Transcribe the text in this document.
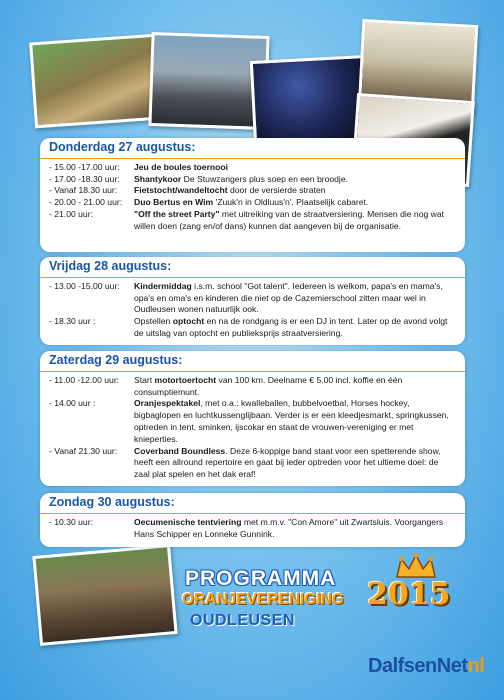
Donderdag 27 augustus:
- 15.00 -17.00 uur:	Jeu de boules toernooi
- 17.00 -18.30 uur:	Shantykoor De Stuwzangers plus soep en een broodje.
- Vanaf 18.30 uur:	Fietstocht/wandeltocht door de versierde straten
- 20.00 - 21.00 uur:	Duo Bertus en Wim 'Zuuk'n in Oldluus'n'. Plaatselijk cabaret.
- 21.00 uur:	"Off the street Party" met uitreiking van de straatversiering. Mensen die nog wat willen doen (zang en/of dans) kunnen dat aangeven bij de organisatie.
Vrijdag 28 augustus:
- 13.00 -15.00 uur:	Kindermiddag i.s.m. school "Got talent". Iedereen is welkom, papa's en mama's, opa's en oma's en kinderen die niet op de Cazemierschool zitten maar wel in Oudleusen wonen natuurlijk ook.
- 18.30 uur :	Opstellen optocht en na de rondgang is er een DJ in tent. Later op de avond volgt de uitslag van optocht en publieksprijs straatversiering.
Zaterdag 29 augustus:
- 11.00 -12.00 uur:	Start motortoertocht van 100 km. Deelname € 5.00 incl. koffie en één consumptiemunt.
- 14.00 uur :	Oranjespektakel, met o.a.: kwalleballen, bubbelvoetbal, Horses hockey, bigbaglopen en luchtkussenglijbaan. Verder is er een kleedjesmarkt, springkussen, optreden in tent, sminken, ijscokar en staat de vrouwen-vereniging er met knieperties.
- Vanaf 21.30 uur:	Coverband Boundless. Deze 6-koppige band staat voor een spetterende show, heeft een allround repertoire en gaat bij ieder optreden voor het ultieme doel: de zaal plat spelen en het dak eraf!
Zondag 30 augustus:
- 10.30 uur:	Oecumenische tentviering met m.m.v. "Con Amore" uit Zwartsluis. Voorgangers Hans Schipper en Lonneke Gunnink.
PROGRAMMA
ORANJEVERENIGING
OUDLEUSEN
2015
DalfsenNetnl
